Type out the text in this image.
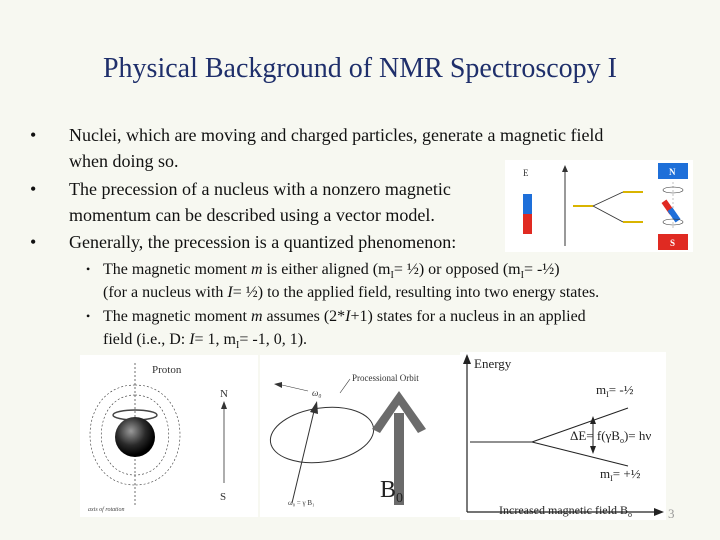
Physical Background of NMR Spectroscopy I
• Nuclei, which are moving and charged particles, generate a magnetic field
when doing so.
• The precession of a nucleus with a nonzero magnetic
momentum can be described using a vector model.
• Generally, the precession is a quantized phenomenon:
• The magnetic moment m is either aligned ($m_I=$ ½) or opposed ($m_I=$ -½)
(for a nucleus with I= ½) to the applied field, resulting into two energy states.
• The magnetic moment m assumes (2*I+1) states for a nucleus in an applied
field (i.e., D: I= 1, $m_I= -1$, 0, 1).
E	N
S
Proton
N
S
axis of rotation
Processional Orbit
ω₀
ω₀ = γ B₁	$B_0$
Energy
$m_I=$ -½
$\Delta E= f(\gamma B_o)= h\nu$
$m_I=$ +½
Increased magnetic field $B_o$	3
